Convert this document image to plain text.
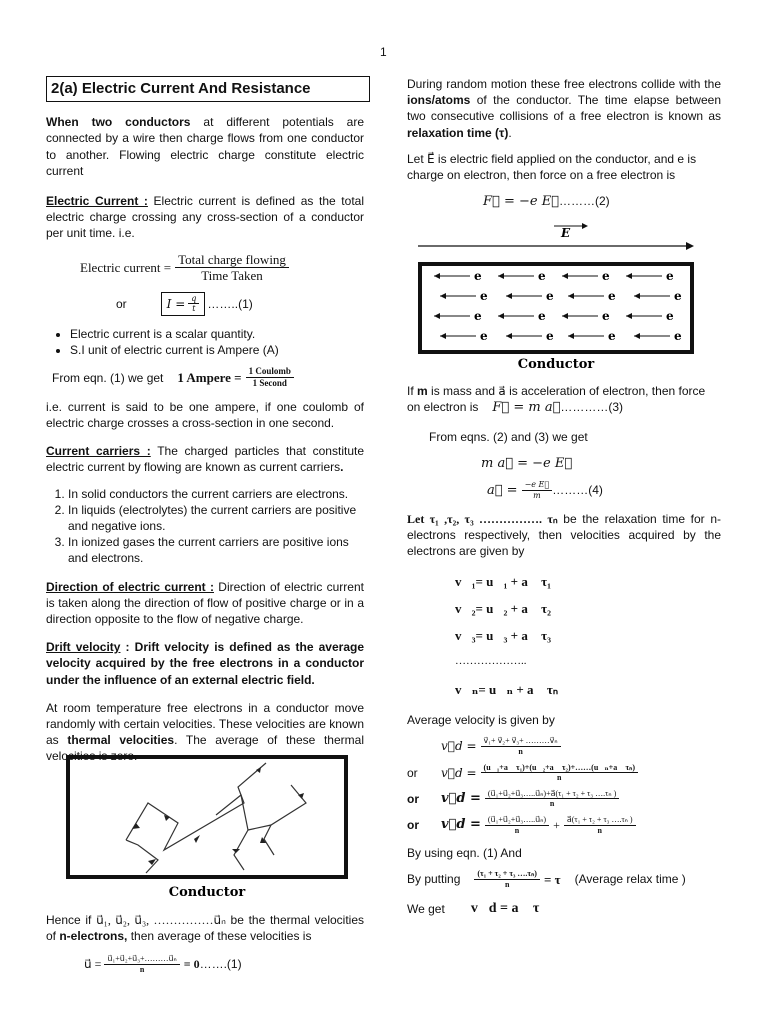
1
2(a) Electric Current And Resistance

When two conductors at different potentials are connected by a wire then charge flows from one conductor to another. Flowing electric charge constitute electric current

Electric Current : Electric current is defined as the total electric charge crossing any cross-section of a conductor per unit time. i.e.

Electric current = $\frac{\text{Total charge flowing}}{\text{Time Taken}}$
or	$I = \frac{q}{t}$ ……..(1)
• Electric current is a scalar quantity.
• S.I unit of electric current is Ampere (A)
From eqn. (1) we get 1 Ampere = $\frac{\text{1 Coulomb}}{\text{1 Second}}$

i.e. current is said to be one ampere, if one coulomb of electric charge crosses a cross-section in one second.

Current carriers : The charged particles that constitute electric current by flowing are known as current carriers.

1. In solid conductors the current carriers are electrons.
2. In liquids (electrolytes) the current carriers are positive and negative ions.
3. In ionized gases the current carriers are positive ions and electrons.

Direction of electric current : Direction of electric current is taken along the direction of flow of positive charge or in a direction opposite to the flow of negative charge.

Drift velocity : Drift velocity is defined as the average velocity acquired by the free electrons in a conductor under the influence of an external electric field.

At room temperature free electrons in a conductor move randomly with certain velocities. These velocities are known as thermal velocities. The average of these thermal velocities is zero.

Conductor

Hence if u⃗₁, u⃗₂, u⃗₃, ……………u⃗ₙ be the thermal velocities of n-electrons, then average of these velocities is

u⃗ = $\frac{\text{u⃗₁+u⃗₂+u⃗₃+………u⃗ₙ}}{n} = 0$ …….(1)

During random motion these free electrons collide with the ions/atoms of the conductor. The time elapse between two consecutive collisions of a free electron is known as relaxation time (τ).

Let E⃗ is electric field applied on the conductor, and e is charge on electron, then force on a free electron is

F⃗ = −e E⃗………(2)
E
e	e	e	e
e	e	e	e
e	e	e	e
e	e	e	e
Conductor

If m is mass and a⃗ is acceleration of electron, then force on electron is F⃗ = m a⃗…………(3)

From eqns. (2) and (3) we get

m a⃗ = −e E⃗
a⃗ = $\frac{\text{−e E⃗}}{m}$ ………(4)

Let τ₁ ,τ₂, τ₃ ……………. τₙ be the relaxation time for n-electrons respectively, then velocities acquired by the electrons are given by

v⃗₁= u⃗₁ + a⃗ τ₁
v⃗₂= u⃗₂ + a⃗ τ₂
v⃗₃= u⃗₃ + a⃗ τ₃
………………..
v⃗ₙ= u⃗ₙ + a⃗ τₙ

Average velocity is given by

v⃗d = $\frac{\text{v⃗₁+ v⃗₂+ v⃗₃+ ………v⃗ₙ}}{n}$
or	v⃗d = $\frac{\text{(u⃗₁+a⃗ τ₁)+(u⃗₂+a⃗ τ₂)+……(u⃗ₙ+a⃗ τₙ)}}{n}$
or	v⃗d = $\frac{\text{(u⃗₁+u⃗₂+u⃗₃…..u⃗ₙ)+a⃗(τ₁ + τ₂ + τ₃ ….τₙ )}}{n}$
or	v⃗d = $\frac{\text{(u⃗₁+u⃗₂+u⃗₃…..u⃗ₙ)}}{n} + \frac{\text{a⃗(τ₁ + τ₂ + τ₃ ….τₙ )}}{n}$

By using eqn. (1) And

By putting $\frac{\text{(τ₁ + τ₂ + τ₃ ….τₙ)}}{n} = \tau$ (Average relax time )
We get v⃗d = a⃗ τ
